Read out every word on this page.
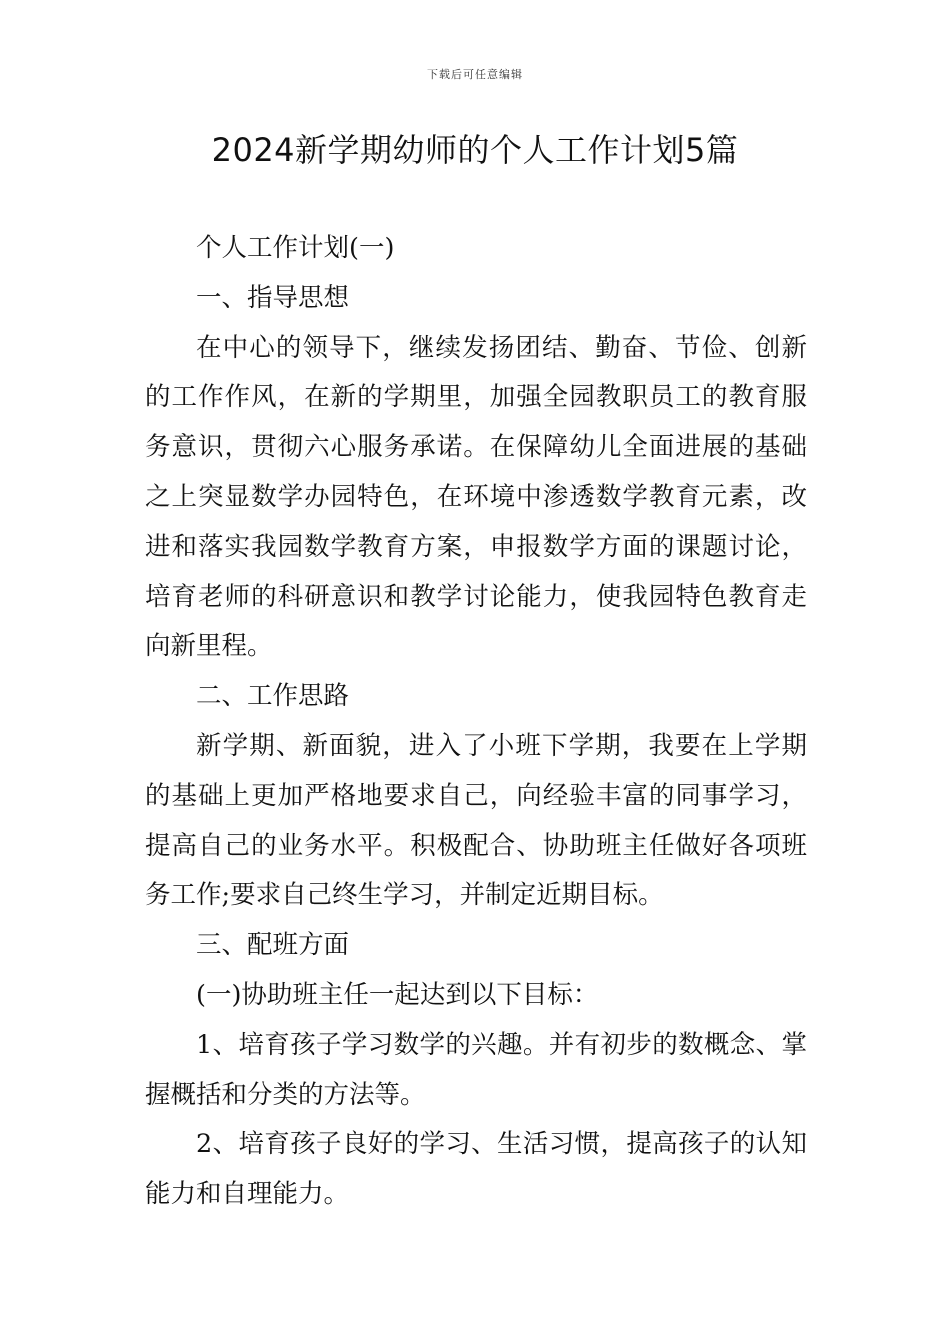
下载后可任意编辑
2024新学期幼师的个人工作计划5篇

个人工作计划(一)

一、指导思想

在中心的领导下，继续发扬团结、勤奋、节俭、创新的工作作风，在新的学期里，加强全园教职员工的教育服务意识，贯彻六心服务承诺。在保障幼儿全面进展的基础之上突显数学办园特色，在环境中渗透数学教育元素，改进和落实我园数学教育方案，申报数学方面的课题讨论，培育老师的科研意识和教学讨论能力，使我园特色教育走向新里程。

二、工作思路

新学期、新面貌，进入了小班下学期，我要在上学期的基础上更加严格地要求自己，向经验丰富的同事学习，提高自己的业务水平。积极配合、协助班主任做好各项班务工作;要求自己终生学习，并制定近期目标。

三、配班方面

(一)协助班主任一起达到以下目标：

1、培育孩子学习数学的兴趣。并有初步的数概念、掌握概括和分类的方法等。

2、培育孩子良好的学习、生活习惯，提高孩子的认知能力和自理能力。
